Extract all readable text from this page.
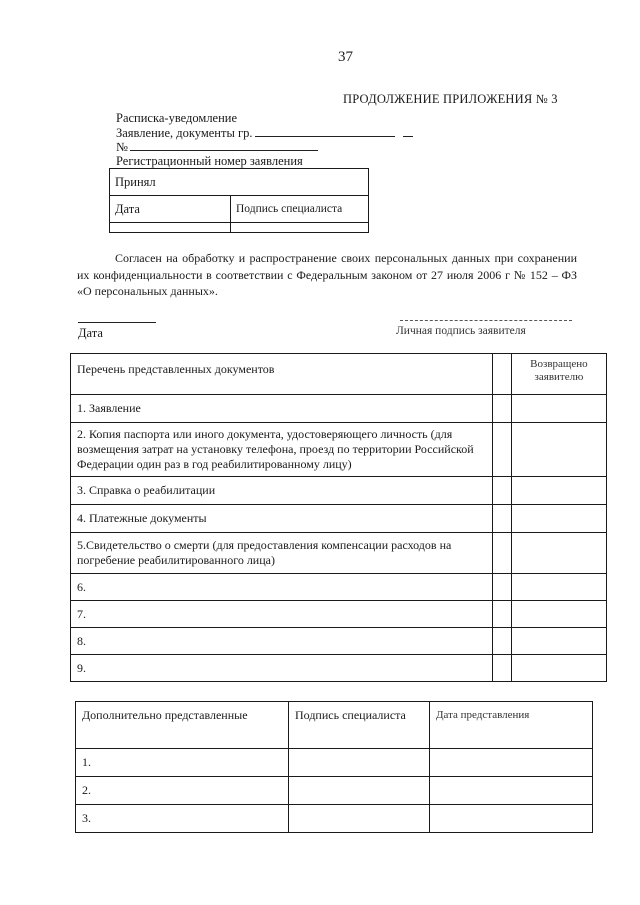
37
ПРОДОЛЖЕНИЕ ПРИЛОЖЕНИЯ № 3
Расписка-уведомление
Заявление, документы гр.
№
Регистрационный номер заявления
Принял	
Дата	Подпись специалиста

Согласен на обработку и распространение своих персональных данных при сохранении их конфиденциальности в соответствии с Федеральным законом от 27 июля 2006 г № 152 – ФЗ «О персональных данных».
Дата	Личная подпись заявителя
Перечень представленных документов		Возвращено заявителю
1. Заявление		
2. Копия паспорта или иного документа, удостоверяющего личность (для возмещения затрат на установку телефона, проезд по территории Российской Федерации один раз в год реабилитированному лицу)		
3. Справка о реабилитации		
4. Платежные документы		
5.Свидетельство о смерти (для предоставления компенсации расходов на погребение реабилитированного лица)		
6.		
7.		
8.		
9.		
Дополнительно представленные	Подпись специалиста	Дата представления
1.		
2.		
3.		
